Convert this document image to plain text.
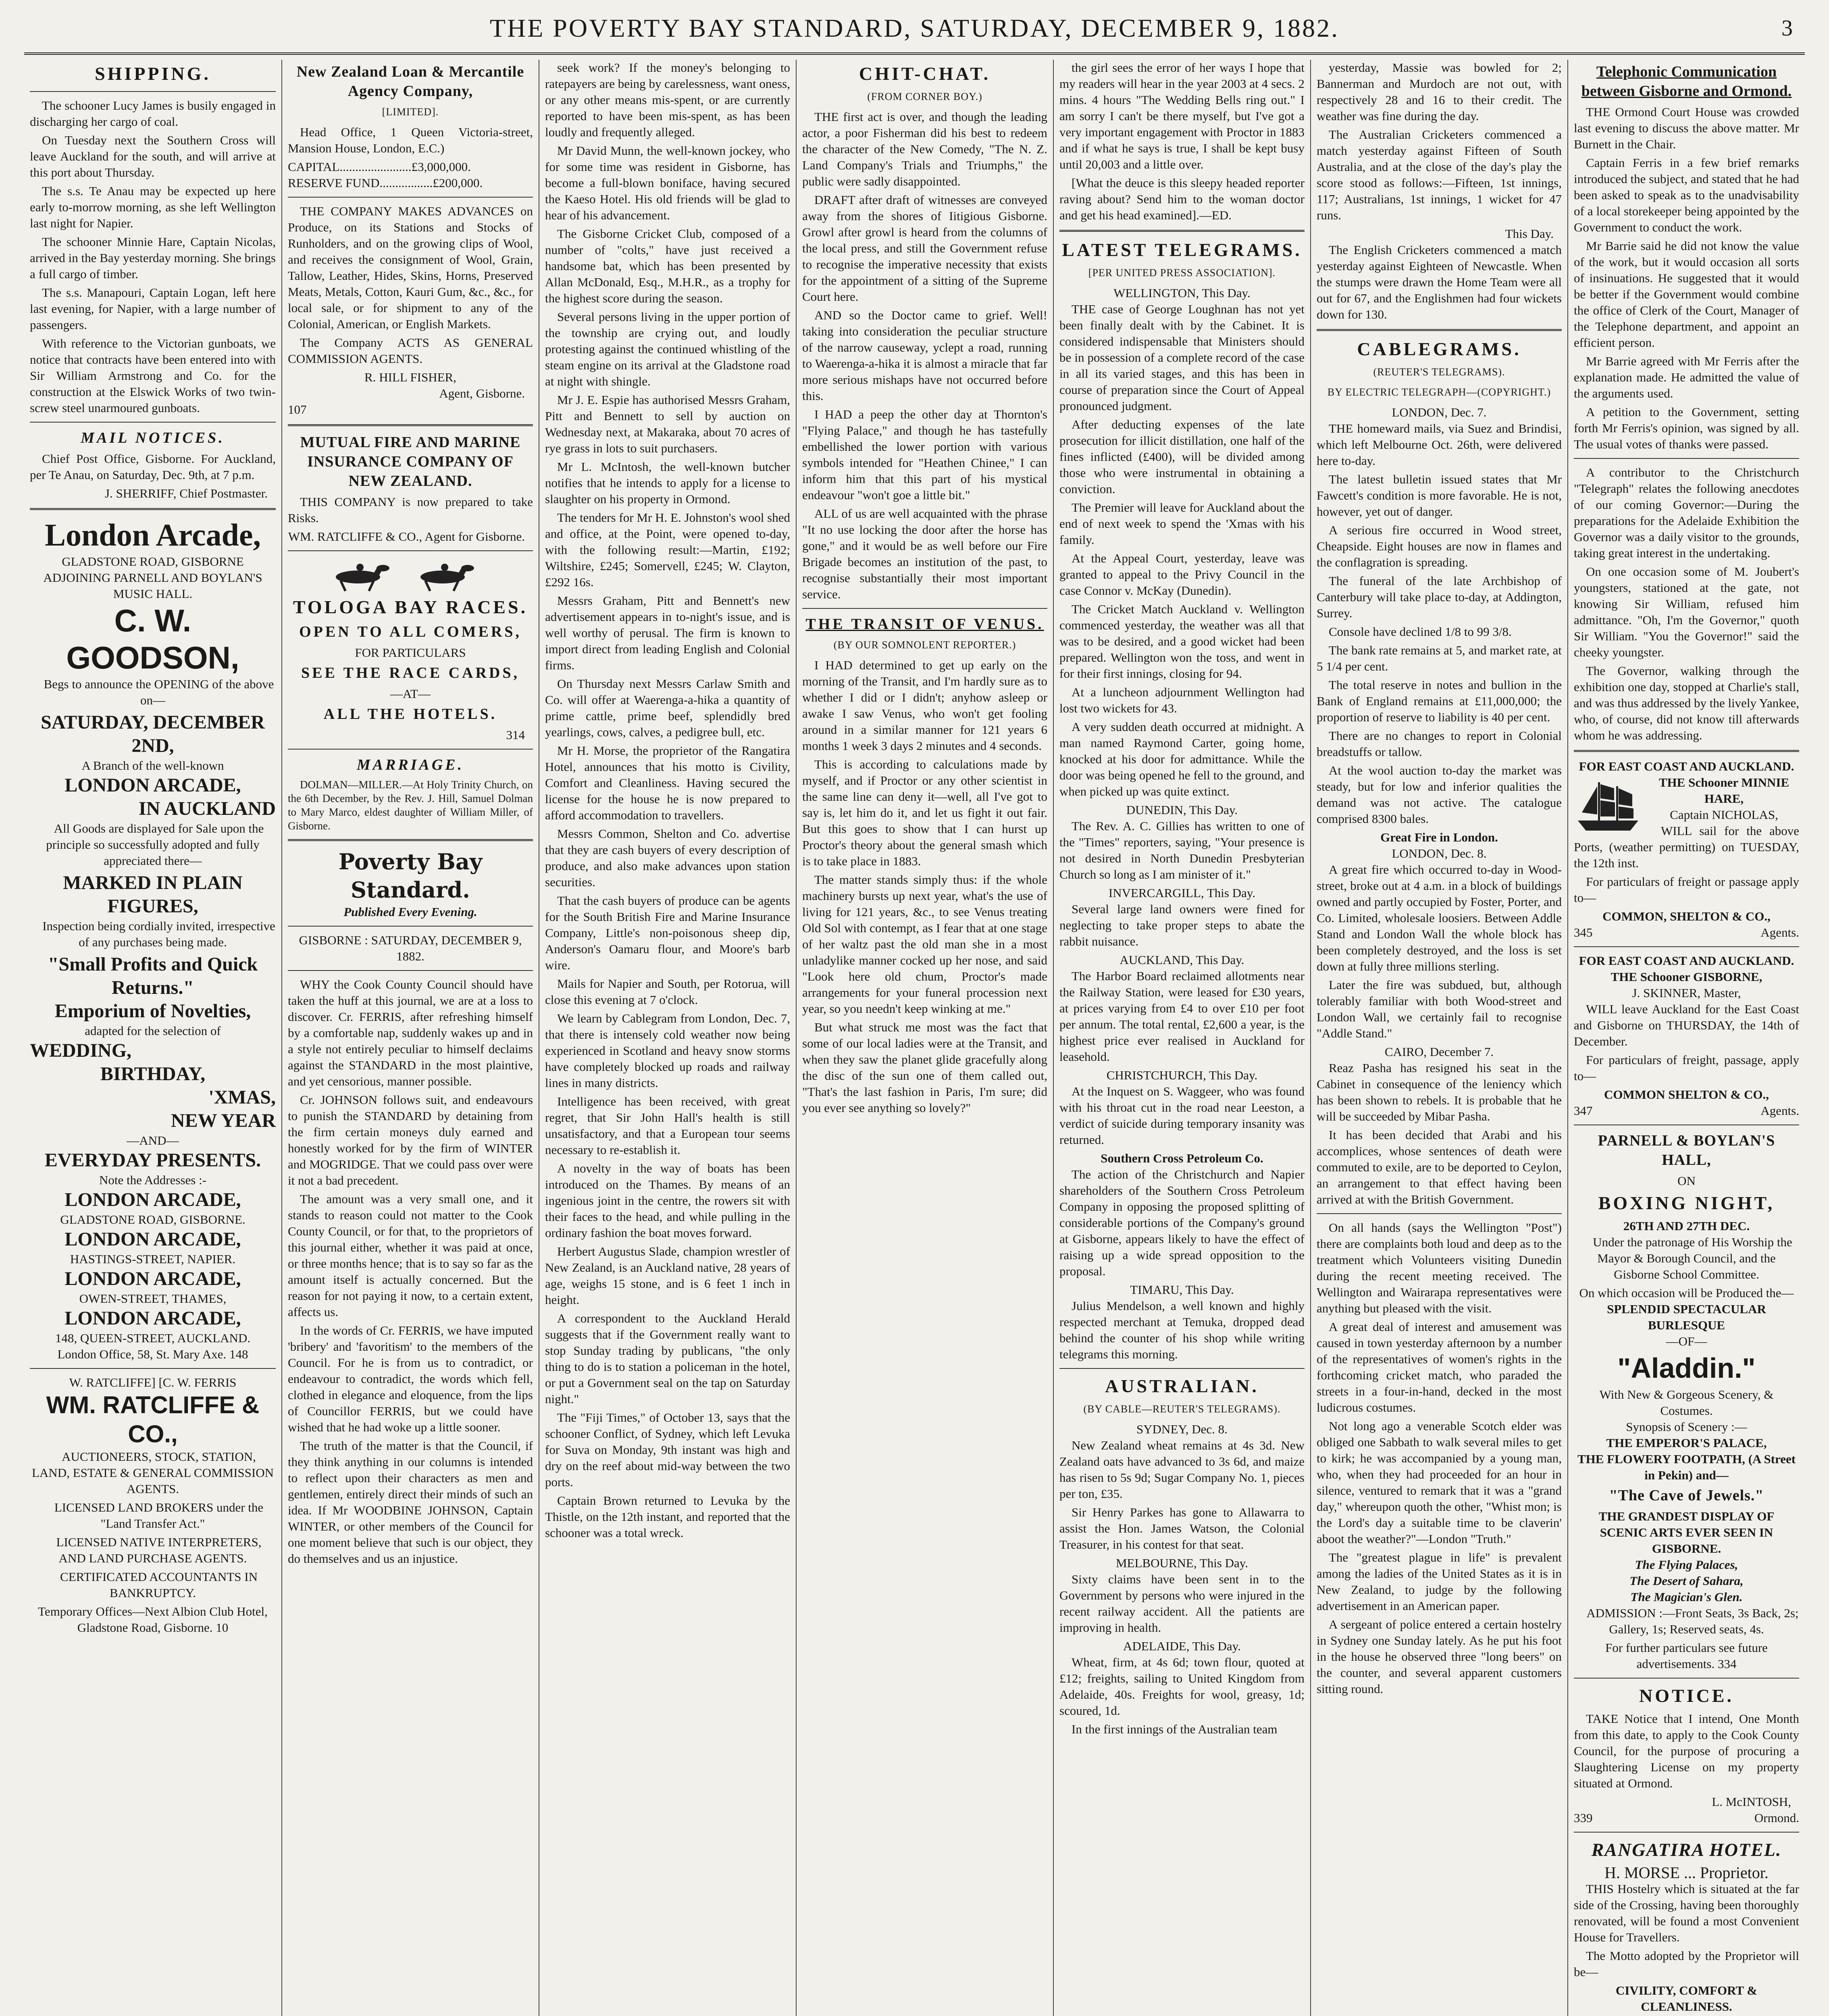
THE POVERTY BAY STANDARD, SATURDAY, DECEMBER 9, 1882.	3
SHIPPING.

The schooner Lucy James is busily engaged in discharging her cargo of coal.

On Tuesday next the Southern Cross will leave Auckland for the south, and will arrive at this port about Thursday.

The s.s. Te Anau may be expected up here early to-morrow morning, as she left Wellington last night for Napier.

The schooner Minnie Hare, Captain Nicolas, arrived in the Bay yesterday morning. She brings a full cargo of timber.

The s.s. Manapouri, Captain Logan, left here last evening, for Napier, with a large number of passengers.

With reference to the Victorian gunboats, we notice that contracts have been entered into with Sir William Armstrong and Co. for the construction at the Elswick Works of two twin-screw steel unarmoured gunboats.

MAIL NOTICES.

Chief Post Office, Gisborne. For Auckland, per Te Anau, on Saturday, Dec. 9th, at 7 p.m.

J. SHERRIFF, Chief Postmaster.
London Arcade,
GLADSTONE ROAD, GISBORNE
ADJOINING PARNELL AND BOYLAN'S MUSIC HALL.
C. W. GOODSON,

Begs to announce the OPENING of the above on—

SATURDAY, DECEMBER 2ND,
A Branch of the well-known
LONDON ARCADE,
IN AUCKLAND

All Goods are displayed for Sale upon the principle so successfully adopted and fully appreciated there—

MARKED IN PLAIN FIGURES,

Inspection being cordially invited, irrespective of any purchases being made.

"Small Profits and Quick Returns."
Emporium of Novelties,
adapted for the selection of
WEDDING,
BIRTHDAY,
'XMAS,
NEW YEAR
—AND—
EVERYDAY PRESENTS.
Note the Addresses :-
LONDON ARCADE,
GLADSTONE ROAD, GISBORNE.
LONDON ARCADE,
HASTINGS-STREET, NAPIER.
LONDON ARCADE,
OWEN-STREET, THAMES,
LONDON ARCADE,
148, QUEEN-STREET, AUCKLAND.
London Office, 58, St. Mary Axe. 148
W. RATCLIFFE] [C. W. FERRIS
WM. RATCLIFFE & CO.,

AUCTIONEERS, STOCK, STATION, LAND, ESTATE & GENERAL COMMISSION AGENTS.

LICENSED LAND BROKERS under the "Land Transfer Act."

LICENSED NATIVE INTERPRETERS, AND LAND PURCHASE AGENTS.

CERTIFICATED ACCOUNTANTS IN BANKRUPTCY.

Temporary Offices—Next Albion Club Hotel, Gladstone Road, Gisborne. 10
New Zealand Loan & Mercantile Agency Company,
[LIMITED].

Head Office, 1 Queen Victoria-street, Mansion House, London, E.C.)

CAPITAL.......................£3,000,000.
RESERVE FUND.................£200,000.

THE COMPANY MAKES ADVANCES on Produce, on its Stations and Stocks of Runholders, and on the growing clips of Wool, and receives the consignment of Wool, Grain, Tallow, Leather, Hides, Skins, Horns, Preserved Meats, Metals, Cotton, Kauri Gum, &c., &c., for local sale, or for shipment to any of the Colonial, American, or English Markets.

The Company ACTS AS GENERAL COMMISSION AGENTS.

R. HILL FISHER,
Agent, Gisborne.
107
MUTUAL FIRE AND MARINE INSURANCE COMPANY OF NEW ZEALAND.

THIS COMPANY is now prepared to take Risks.

WM. RATCLIFFE & CO., Agent for Gisborne.
TOLOGA BAY RACES.
OPEN TO ALL COMERS,
FOR PARTICULARS
SEE THE RACE CARDS,
—AT—
ALL THE HOTELS.
314
MARRIAGE.

DOLMAN—MILLER.—At Holy Trinity Church, on the 6th December, by the Rev. J. Hill, Samuel Dolman to Mary Marco, eldest daughter of William Miller, of Gisborne.

Poverty Bay Standard.
Published Every Evening.
GISBORNE : SATURDAY, DECEMBER 9, 1882.

WHY the Cook County Council should have taken the huff at this journal, we are at a loss to discover. Cr. FERRIS, after refreshing himself by a comfortable nap, suddenly wakes up and in a style not entirely peculiar to himself declaims against the STANDARD in the most plaintive, and yet censorious, manner possible.

Cr. JOHNSON follows suit, and endeavours to punish the STANDARD by detaining from the firm certain moneys duly earned and honestly worked for by the firm of WINTER and MOGRIDGE. That we could pass over were it not a bad precedent.

The amount was a very small one, and it stands to reason could not matter to the Cook County Council, or for that, to the proprietors of this journal either, whether it was paid at once, or three months hence; that is to say so far as the amount itself is actually concerned. But the reason for not paying it now, to a certain extent, affects us.

In the words of Cr. FERRIS, we have imputed 'bribery' and 'favoritism' to the members of the Council. For he is from us to contradict, or endeavour to contradict, the words which fell, clothed in elegance and eloquence, from the lips of Councillor FERRIS, but we could have wished that he had woke up a little sooner.

The truth of the matter is that the Council, if they think anything in our columns is intended to reflect upon their characters as men and gentlemen, entirely direct their minds of such an idea. If Mr WOODBINE JOHNSON, Captain WINTER, or other members of the Council for one moment believe that such is our object, they do themselves and us an injustice.

seek work? If the money's belonging to ratepayers are being by carelessness, want oness, or any other means mis-spent, or are currently reported to have been mis-spent, as has been loudly and frequently alleged.

Mr David Munn, the well-known jockey, who for some time was resident in Gisborne, has become a full-blown boniface, having secured the Kaeso Hotel. His old friends will be glad to hear of his advancement.

The Gisborne Cricket Club, composed of a number of "colts," have just received a handsome bat, which has been presented by Allan McDonald, Esq., M.H.R., as a trophy for the highest score during the season.

Several persons living in the upper portion of the township are crying out, and loudly protesting against the continued whistling of the steam engine on its arrival at the Gladstone road at night with shingle.

Mr J. E. Espie has authorised Messrs Graham, Pitt and Bennett to sell by auction on Wednesday next, at Makaraka, about 70 acres of rye grass in lots to suit purchasers.

Mr L. McIntosh, the well-known butcher notifies that he intends to apply for a license to slaughter on his property in Ormond.

The tenders for Mr H. E. Johnston's wool shed and office, at the Point, were opened to-day, with the following result:—Martin, £192; Wiltshire, £245; Somervell, £245; W. Clayton, £292 16s.

Messrs Graham, Pitt and Bennett's new advertisement appears in to-night's issue, and is well worthy of perusal. The firm is known to import direct from leading English and Colonial firms.

On Thursday next Messrs Carlaw Smith and Co. will offer at Waerenga-a-hika a quantity of prime cattle, prime beef, splendidly bred yearlings, cows, calves, a pedigree bull, etc.

Mr H. Morse, the proprietor of the Rangatira Hotel, announces that his motto is Civility, Comfort and Cleanliness. Having secured the license for the house he is now prepared to afford accommodation to travellers.

Messrs Common, Shelton and Co. advertise that they are cash buyers of every description of produce, and also make advances upon station securities.

That the cash buyers of produce can be agents for the South British Fire and Marine Insurance Company, Little's non-poisonous sheep dip, Anderson's Oamaru flour, and Moore's barb wire.

Mails for Napier and South, per Rotorua, will close this evening at 7 o'clock.

We learn by Cablegram from London, Dec. 7, that there is intensely cold weather now being experienced in Scotland and heavy snow storms have completely blocked up roads and railway lines in many districts.

Intelligence has been received, with great regret, that Sir John Hall's health is still unsatisfactory, and that a European tour seems necessary to re-establish it.

A novelty in the way of boats has been introduced on the Thames. By means of an ingenious joint in the centre, the rowers sit with their faces to the head, and while pulling in the ordinary fashion the boat moves forward.

Herbert Augustus Slade, champion wrestler of New Zealand, is an Auckland native, 28 years of age, weighs 15 stone, and is 6 feet 1 inch in height.

A correspondent to the Auckland Herald suggests that if the Government really want to stop Sunday trading by publicans, "the only thing to do is to station a policeman in the hotel, or put a Government seal on the tap on Saturday night."

The "Fiji Times," of October 13, says that the schooner Conflict, of Sydney, which left Levuka for Suva on Monday, 9th instant was high and dry on the reef about mid-way between the two ports.

Captain Brown returned to Levuka by the Thistle, on the 12th instant, and reported that the schooner was a total wreck.

CHIT-CHAT.
(FROM CORNER BOY.)

THE first act is over, and though the leading actor, a poor Fisherman did his best to redeem the character of the New Comedy, "The N. Z. Land Company's Trials and Triumphs," the public were sadly disappointed.

DRAFT after draft of witnesses are conveyed away from the shores of Iitigious Gisborne. Growl after growl is heard from the columns of the local press, and still the Government refuse to recognise the imperative necessity that exists for the appointment of a sitting of the Supreme Court here.

AND so the Doctor came to grief. Well! taking into consideration the peculiar structure of the narrow causeway, yclept a road, running to Waerenga-a-hika it is almost a miracle that far more serious mishaps have not occurred before this.

I HAD a peep the other day at Thornton's "Flying Palace," and though he has tastefully embellished the lower portion with various symbols intended for "Heathen Chinee," I can inform him that this part of his mystical endeavour "won't goe a little bit."

ALL of us are well acquainted with the phrase "It no use locking the door after the horse has gone," and it would be as well before our Fire Brigade becomes an institution of the past, to recognise substantially their most important service.

THE TRANSIT OF VENUS.
(BY OUR SOMNOLENT REPORTER.)

I HAD determined to get up early on the morning of the Transit, and I'm hardly sure as to whether I did or I didn't; anyhow asleep or awake I saw Venus, who won't get fooling around in a similar manner for 121 years 6 months 1 week 3 days 2 minutes and 4 seconds.

This is according to calculations made by myself, and if Proctor or any other scientist in the same line can deny it—well, all I've got to say is, let him do it, and let us fight it out fair. But this goes to show that I can hurst up Proctor's theory about the general smash which is to take place in 1883.

The matter stands simply thus: if the whole machinery bursts up next year, what's the use of living for 121 years, &c., to see Venus treating Old Sol with contempt, as I fear that at one stage of her waltz past the old man she in a most unladylike manner cocked up her nose, and said "Look here old chum, Proctor's made arrangements for your funeral procession next year, so you needn't keep winking at me."

But what struck me most was the fact that some of our local ladies were at the Transit, and when they saw the planet glide gracefully along the disc of the sun one of them called out, "That's the last fashion in Paris, I'm sure; did you ever see anything so lovely?"

the girl sees the error of her ways I hope that my readers will hear in the year 2003 at 4 secs. 2 mins. 4 hours "The Wedding Bells ring out." I am sorry I can't be there myself, but I've got a very important engagement with Proctor in 1883 and if what he says is true, I shall be kept busy until 20,003 and a little over.

[What the deuce is this sleepy headed reporter raving about? Send him to the woman doctor and get his head examined].—ED.

LATEST TELEGRAMS.
[PER UNITED PRESS ASSOCIATION].
WELLINGTON, This Day.

THE case of George Loughnan has not yet been finally dealt with by the Cabinet. It is considered indispensable that Ministers should be in possession of a complete record of the case in all its varied stages, and this has been in course of preparation since the Court of Appeal pronounced judgment.

After deducting expenses of the late prosecution for illicit distillation, one half of the fines inflicted (£400), will be divided among those who were instrumental in obtaining a conviction.

The Premier will leave for Auckland about the end of next week to spend the 'Xmas with his family.

At the Appeal Court, yesterday, leave was granted to appeal to the Privy Council in the case Connor v. McKay (Dunedin).

The Cricket Match Auckland v. Wellington commenced yesterday, the weather was all that was to be desired, and a good wicket had been prepared. Wellington won the toss, and went in for their first innings, closing for 94.

At a luncheon adjournment Wellington had lost two wickets for 43.

A very sudden death occurred at midnight. A man named Raymond Carter, going home, knocked at his door for admittance. While the door was being opened he fell to the ground, and when picked up was quite extinct.

DUNEDIN, This Day.

The Rev. A. C. Gillies has written to one of the "Times" reporters, saying, "Your presence is not desired in North Dunedin Presbyterian Church so long as I am minister of it."

INVERCARGILL, This Day.

Several large land owners were fined for neglecting to take proper steps to abate the rabbit nuisance.

AUCKLAND, This Day.

The Harbor Board reclaimed allotments near the Railway Station, were leased for £30 years, at prices varying from £4 to over £10 per foot per annum. The total rental, £2,600 a year, is the highest price ever realised in Auckland for leasehold.

CHRISTCHURCH, This Day.

At the Inquest on S. Waggeer, who was found with his throat cut in the road near Leeston, a verdict of suicide during temporary insanity was returned.

Southern Cross Petroleum Co.

The action of the Christchurch and Napier shareholders of the Southern Cross Petroleum Company in opposing the proposed splitting of considerable portions of the Company's ground at Gisborne, appears likely to have the effect of raising up a wide spread opposition to the proposal.

TIMARU, This Day.

Julius Mendelson, a well known and highly respected merchant at Temuka, dropped dead behind the counter of his shop while writing telegrams this morning.

AUSTRALIAN.
(BY CABLE—REUTER'S TELEGRAMS).
SYDNEY, Dec. 8.

New Zealand wheat remains at 4s 3d. New Zealand oats have advanced to 3s 6d, and maize has risen to 5s 9d; Sugar Company No. 1, pieces per ton, £35.

Sir Henry Parkes has gone to Allawarra to assist the Hon. James Watson, the Colonial Treasurer, in his contest for that seat.

MELBOURNE, This Day.

Sixty claims have been sent in to the Government by persons who were injured in the recent railway accident. All the patients are improving in health.

ADELAIDE, This Day.

Wheat, firm, at 4s 6d; town flour, quoted at £12; freights, sailing to United Kingdom from Adelaide, 40s. Freights for wool, greasy, 1d; scoured, 1d.

In the first innings of the Australian team

yesterday, Massie was bowled for 2; Bannerman and Murdoch are not out, with respectively 28 and 16 to their credit. The weather was fine during the day.

The Australian Cricketers commenced a match yesterday against Fifteen of South Australia, and at the close of the day's play the score stood as follows:—Fifteen, 1st innings, 117; Australians, 1st innings, 1 wicket for 47 runs.

This Day.

The English Cricketers commenced a match yesterday against Eighteen of Newcastle. When the stumps were drawn the Home Team were all out for 67, and the Englishmen had four wickets down for 130.

CABLEGRAMS.
(REUTER'S TELEGRAMS).
BY ELECTRIC TELEGRAPH—(COPYRIGHT.)
LONDON, Dec. 7.

THE homeward mails, via Suez and Brindisi, which left Melbourne Oct. 26th, were delivered here to-day.

The latest bulletin issued states that Mr Fawcett's condition is more favorable. He is not, however, yet out of danger.

A serious fire occurred in Wood street, Cheapside. Eight houses are now in flames and the conflagration is spreading.

The funeral of the late Archbishop of Canterbury will take place to-day, at Addington, Surrey.

Console have declined 1/8 to 99 3/8.

The bank rate remains at 5, and market rate, at 5 1/4 per cent.

The total reserve in notes and bullion in the Bank of England remains at £11,000,000; the proportion of reserve to liability is 40 per cent.

There are no changes to report in Colonial breadstuffs or tallow.

At the wool auction to-day the market was steady, but for low and inferior qualities the demand was not active. The catalogue comprised 8300 bales.

Great Fire in London.
LONDON, Dec. 8.

A great fire which occurred to-day in Wood-street, broke out at 4 a.m. in a block of buildings owned and partly occupied by Foster, Porter, and Co. Limited, wholesale loosiers. Between Addle Stand and London Wall the whole block has been completely destroyed, and the loss is set down at fully three millions sterling.

Later the fire was subdued, but, although tolerably familiar with both Wood-street and London Wall, we certainly fail to recognise "Addle Stand."

CAIRO, December 7.

Reaz Pasha has resigned his seat in the Cabinet in consequence of the leniency which has been shown to rebels. It is probable that he will be succeeded by Mibar Pasha.

It has been decided that Arabi and his accomplices, whose sentences of death were commuted to exile, are to be deported to Ceylon, an arrangement to that effect having been arrived at with the British Government.

On all hands (says the Wellington "Post") there are complaints both loud and deep as to the treatment which Volunteers visiting Dunedin during the recent meeting received. The Wellington and Wairarapa representatives were anything but pleased with the visit.

A great deal of interest and amusement was caused in town yesterday afternoon by a number of the representatives of women's rights in the forthcoming cricket match, who paraded the streets in a four-in-hand, decked in the most ludicrous costumes.

Not long ago a venerable Scotch elder was obliged one Sabbath to walk several miles to get to kirk; he was accompanied by a young man, who, when they had proceeded for an hour in silence, ventured to remark that it was a "grand day," whereupon quoth the other, "Whist mon; is the Lord's day a suitable time to be claverin' aboot the weather?"—London "Truth."

The "greatest plague in life" is prevalent among the ladies of the United States as it is in New Zealand, to judge by the following advertisement in an American paper.

A sergeant of police entered a certain hostelry in Sydney one Sunday lately. As he put his foot in the house he observed three "long beers" on the counter, and several apparent customers sitting round.

Telephonic Communication between Gisborne and Ormond.

THE Ormond Court House was crowded last evening to discuss the above matter. Mr Burnett in the Chair.

Captain Ferris in a few brief remarks introduced the subject, and stated that he had been asked to speak as to the unadvisability of a local storekeeper being appointed by the Government to conduct the work.

Mr Barrie said he did not know the value of the work, but it would occasion all sorts of insinuations. He suggested that it would be better if the Government would combine the office of Clerk of the Court, Manager of the Telephone department, and appoint an efficient person.

Mr Barrie agreed with Mr Ferris after the explanation made. He admitted the value of the arguments used.

A petition to the Government, setting forth Mr Ferris's opinion, was signed by all. The usual votes of thanks were passed.

A contributor to the Christchurch "Telegraph" relates the following anecdotes of our coming Governor:—During the preparations for the Adelaide Exhibition the Governor was a daily visitor to the grounds, taking great interest in the undertaking.

On one occasion some of M. Joubert's youngsters, stationed at the gate, not knowing Sir William, refused him admittance. "Oh, I'm the Governor," quoth Sir William. "You the Governor!" said the cheeky youngster.

The Governor, walking through the exhibition one day, stopped at Charlie's stall, and was thus addressed by the lively Yankee, who, of course, did not know till afterwards whom he was addressing.

FOR EAST COAST AND AUCKLAND.
THE Schooner MINNIE HARE,
Captain NICHOLAS,

WILL sail for the above Ports, (weather permitting) on TUESDAY, the 12th inst.

For particulars of freight or passage apply to—

COMMON, SHELTON & CO.,
345	Agents.
FOR EAST COAST AND AUCKLAND.
THE Schooner GISBORNE,
J. SKINNER, Master,

WILL leave Auckland for the East Coast and Gisborne on THURSDAY, the 14th of December.

For particulars of freight, passage, apply to—

COMMON SHELTON & CO.,
347	Agents.
PARNELL & BOYLAN'S HALL,
ON
BOXING NIGHT,
26TH AND 27TH DEC.

Under the patronage of His Worship the Mayor & Borough Council, and the Gisborne School Committee.

On which occasion will be Produced the—
SPLENDID SPECTACULAR BURLESQUE
—OF—
"Aladdin."
With New & Gorgeous Scenery, & Costumes.
Synopsis of Scenery :—
THE EMPEROR'S PALACE,
THE FLOWERY FOOTPATH, (A Street in Pekin) and—
"The Cave of Jewels."
THE GRANDEST DISPLAY OF SCENIC ARTS EVER SEEN IN GISBORNE.
The Flying Palaces,
The Desert of Sahara,
The Magician's Glen.

ADMISSION :—Front Seats, 3s Back, 2s; Gallery, 1s; Reserved seats, 4s.

For further particulars see future advertisements. 334
NOTICE.

TAKE Notice that I intend, One Month from this date, to apply to the Cook County Council, for the purpose of procuring a Slaughtering License on my property situated at Ormond.

L. McINTOSH,
339	Ormond.
RANGATIRA HOTEL.
H. MORSE ... Proprietor.

THIS Hostelry which is situated at the far side of the Crossing, having been thoroughly renovated, will be found a most Convenient House for Travellers.

The Motto adopted by the Proprietor will be—

CIVILITY, COMFORT & CLEANLINESS.
